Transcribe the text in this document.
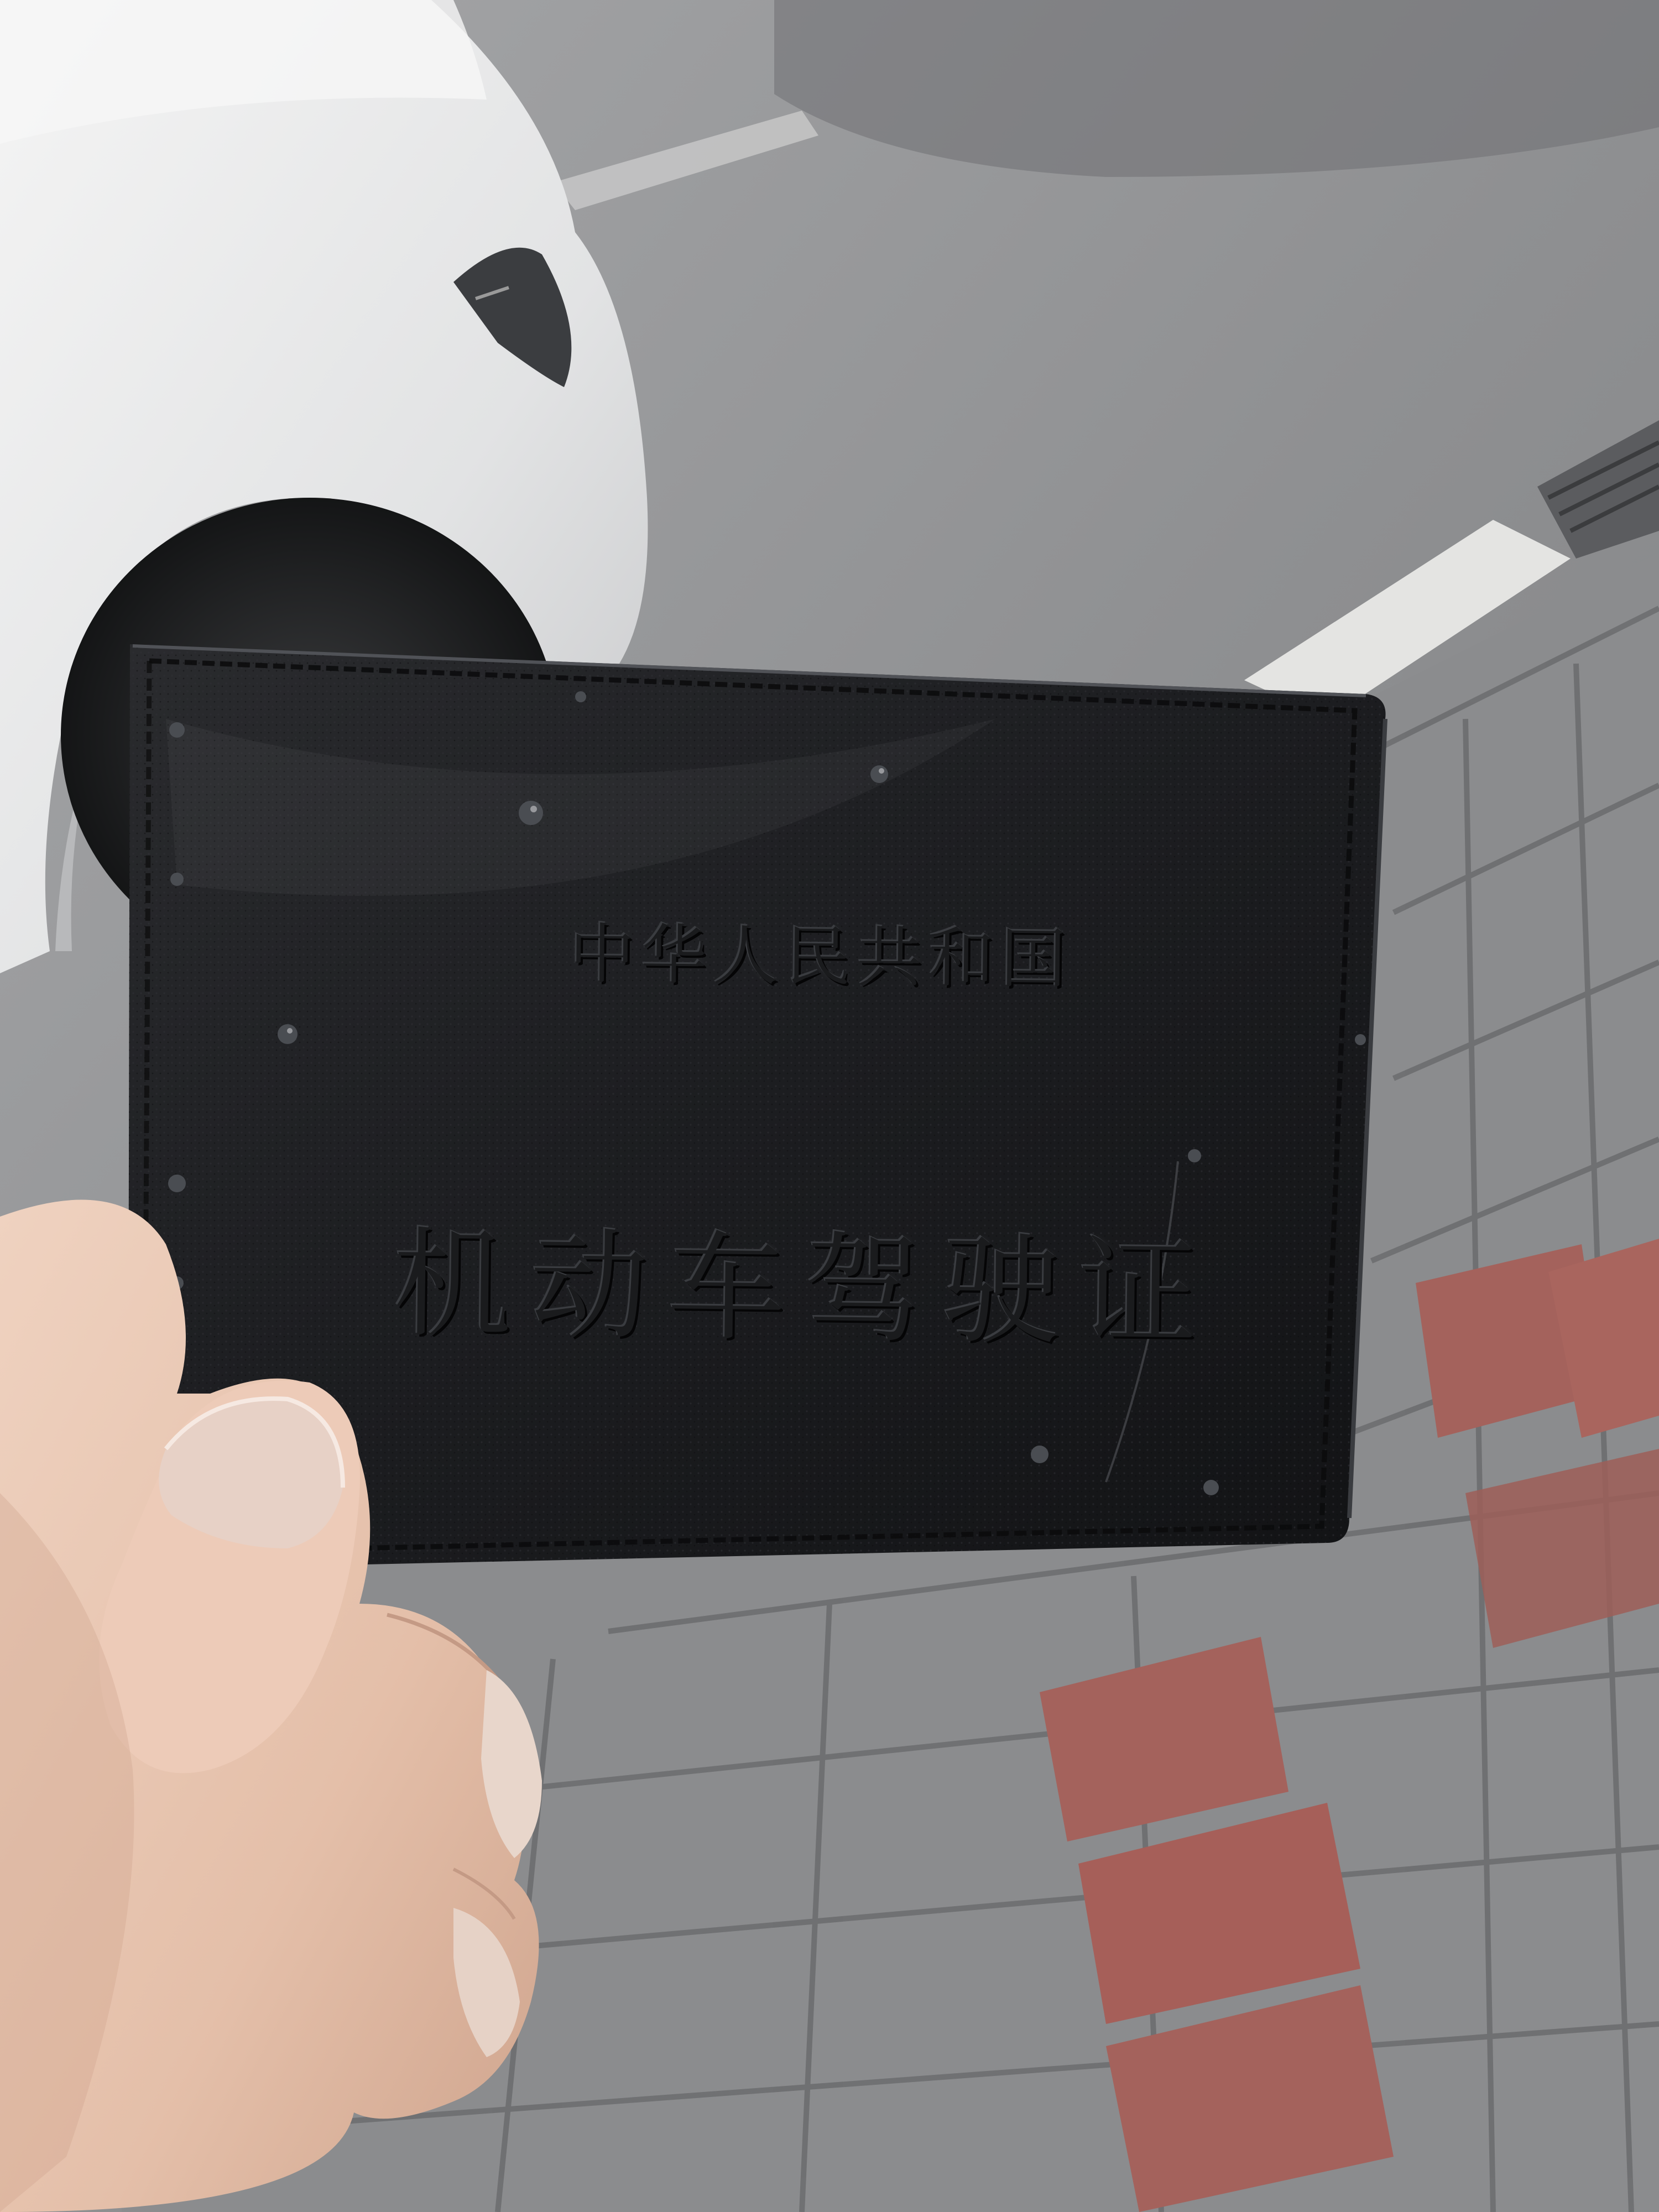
中华人民共和国
机动车驾驶证
